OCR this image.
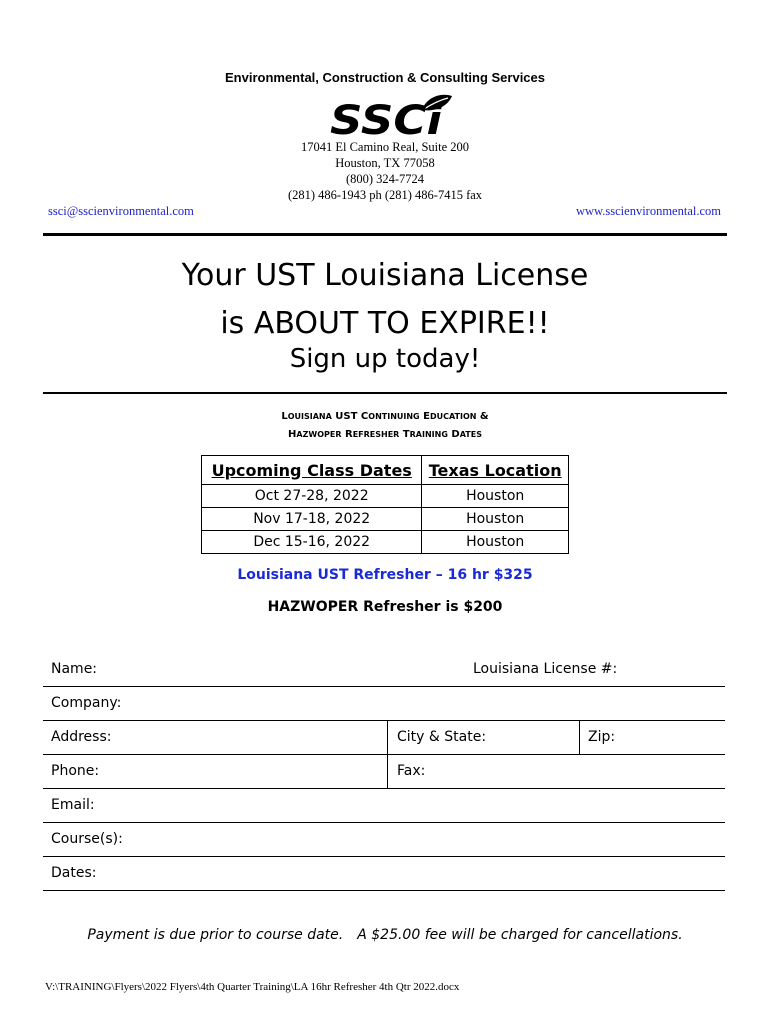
Environmental, Construction & Consulting Services
SSCi
17041 El Camino Real, Suite 200
Houston, TX 77058
(800) 324-7724
(281) 486-1943 ph (281) 486-7415 fax
ssci@sscienvironmental.com	www.sscienvironmental.com
Your UST Louisiana License
is ABOUT TO EXPIRE!!
Sign up today!
LOUISIANA UST CONTINUING EDUCATION &
HAZWOPER REFRESHER TRAINING DATES
Upcoming Class Dates	Texas Location
Oct 27-28, 2022	Houston
Nov 17-18, 2022	Houston
Dec 15-16, 2022	Houston
Louisiana UST Refresher – 16 hr $325
HAZWOPER Refresher is $200
Name:	Louisiana License #:
Company:
Address:	City & State:	Zip:
Phone:	Fax:
Email:
Course(s):
Dates:
Payment is due prior to course date. A $25.00 fee will be charged for cancellations.
V:\TRAINING\Flyers\2022 Flyers\4th Quarter Training\LA 16hr Refresher 4th Qtr 2022.docx
